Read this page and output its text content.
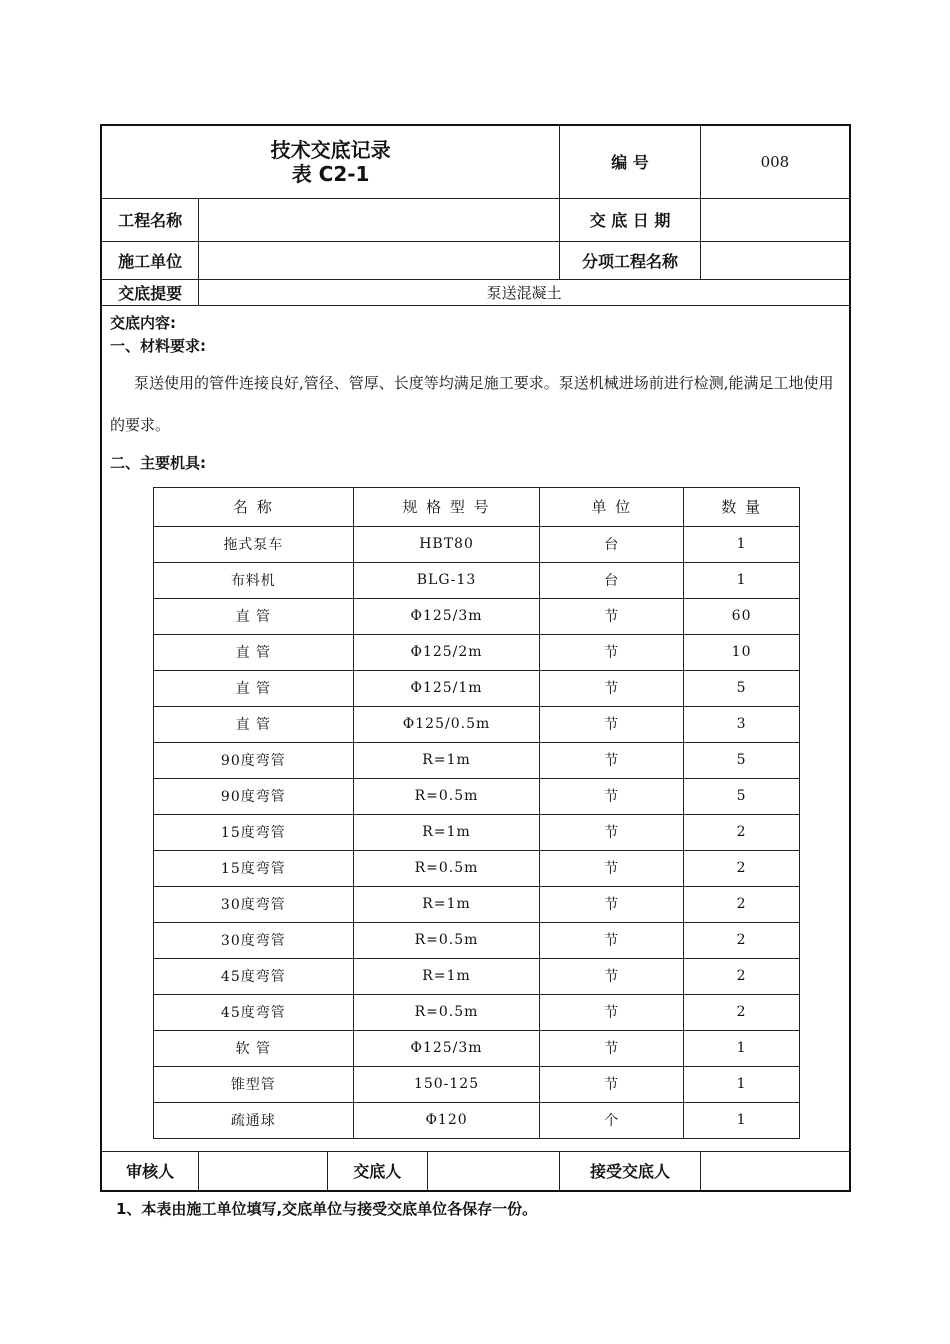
技术交底记录
表 C2-1	编 号	008
工程名称		交 底 日 期	
施工单位		分项工程名称	
交底提要	泵送混凝土

交底内容:
一、材料要求:

泵送使用的管件连接良好,管径、管厚、长度等均满足施工要求。泵送机械进场前进行检测,能满足工地使用的要求。

二、主要机具:
名 称	规 格 型 号	单 位	数 量
拖式泵车	HBT80	台	1
布料机	BLG-13	台	1
直 管	Φ125/3m	节	60
直 管	Φ125/2m	节	10
直 管	Φ125/1m	节	5
直 管	Φ125/0.5m	节	3
90度弯管	R=1m	节	5
90度弯管	R=0.5m	节	5
15度弯管	R=1m	节	2
15度弯管	R=0.5m	节	2
30度弯管	R=1m	节	2
30度弯管	R=0.5m	节	2
45度弯管	R=1m	节	2
45度弯管	R=0.5m	节	2
软 管	Φ125/3m	节	1
锥型管	150-125	节	1
疏通球	Φ120	个	1

审核人		交底人		接受交底人	
1、本表由施工单位填写,交底单位与接受交底单位各保存一份。
